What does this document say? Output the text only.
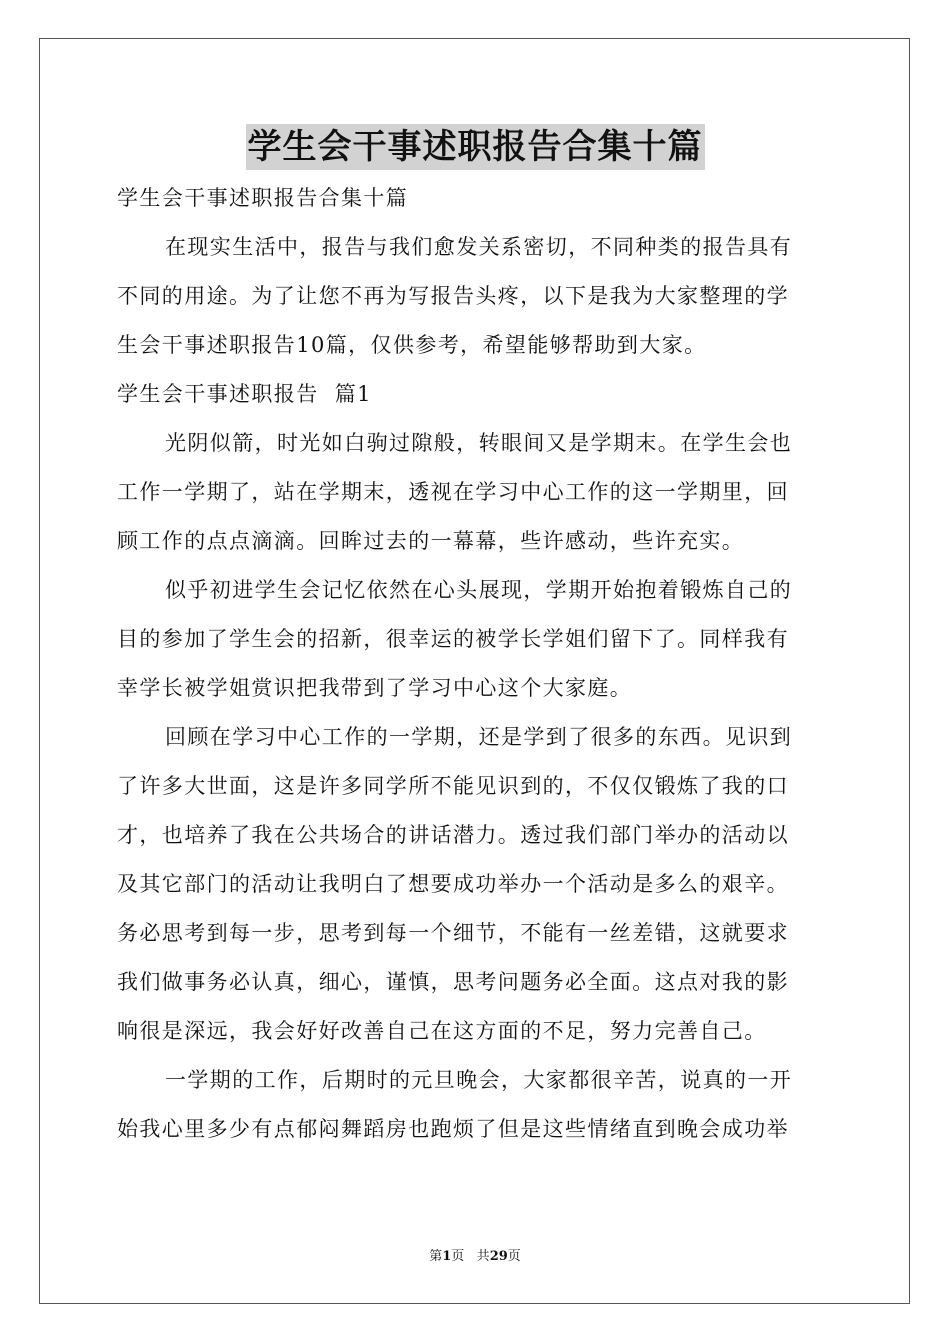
学生会干事述职报告合集十篇

学生会干事述职报告合集十篇

在现实生活中，报告与我们愈发关系密切，不同种类的报告具有

不同的用途。为了让您不再为写报告头疼，以下是我为大家整理的学

生会干事述职报告10篇，仅供参考，希望能够帮助到大家。

学生会干事述职报告  篇1

光阴似箭，时光如白驹过隙般，转眼间又是学期末。在学生会也

工作一学期了，站在学期末，透视在学习中心工作的这一学期里，回

顾工作的点点滴滴。回眸过去的一幕幕，些许感动，些许充实。

似乎初进学生会记忆依然在心头展现，学期开始抱着锻炼自己的

目的参加了学生会的招新，很幸运的被学长学姐们留下了。同样我有

幸学长被学姐赏识把我带到了学习中心这个大家庭。

回顾在学习中心工作的一学期，还是学到了很多的东西。见识到

了许多大世面，这是许多同学所不能见识到的，不仅仅锻炼了我的口

才，也培养了我在公共场合的讲话潜力。透过我们部门举办的活动以

及其它部门的活动让我明白了想要成功举办一个活动是多么的艰辛。

务必思考到每一步，思考到每一个细节，不能有一丝差错，这就要求

我们做事务必认真，细心，谨慎，思考问题务必全面。这点对我的影

响很是深远，我会好好改善自己在这方面的不足，努力完善自己。

一学期的工作，后期时的元旦晚会，大家都很辛苦，说真的一开

始我心里多少有点郁闷舞蹈房也跑烦了但是这些情绪直到晚会成功举

第1页 共29页
